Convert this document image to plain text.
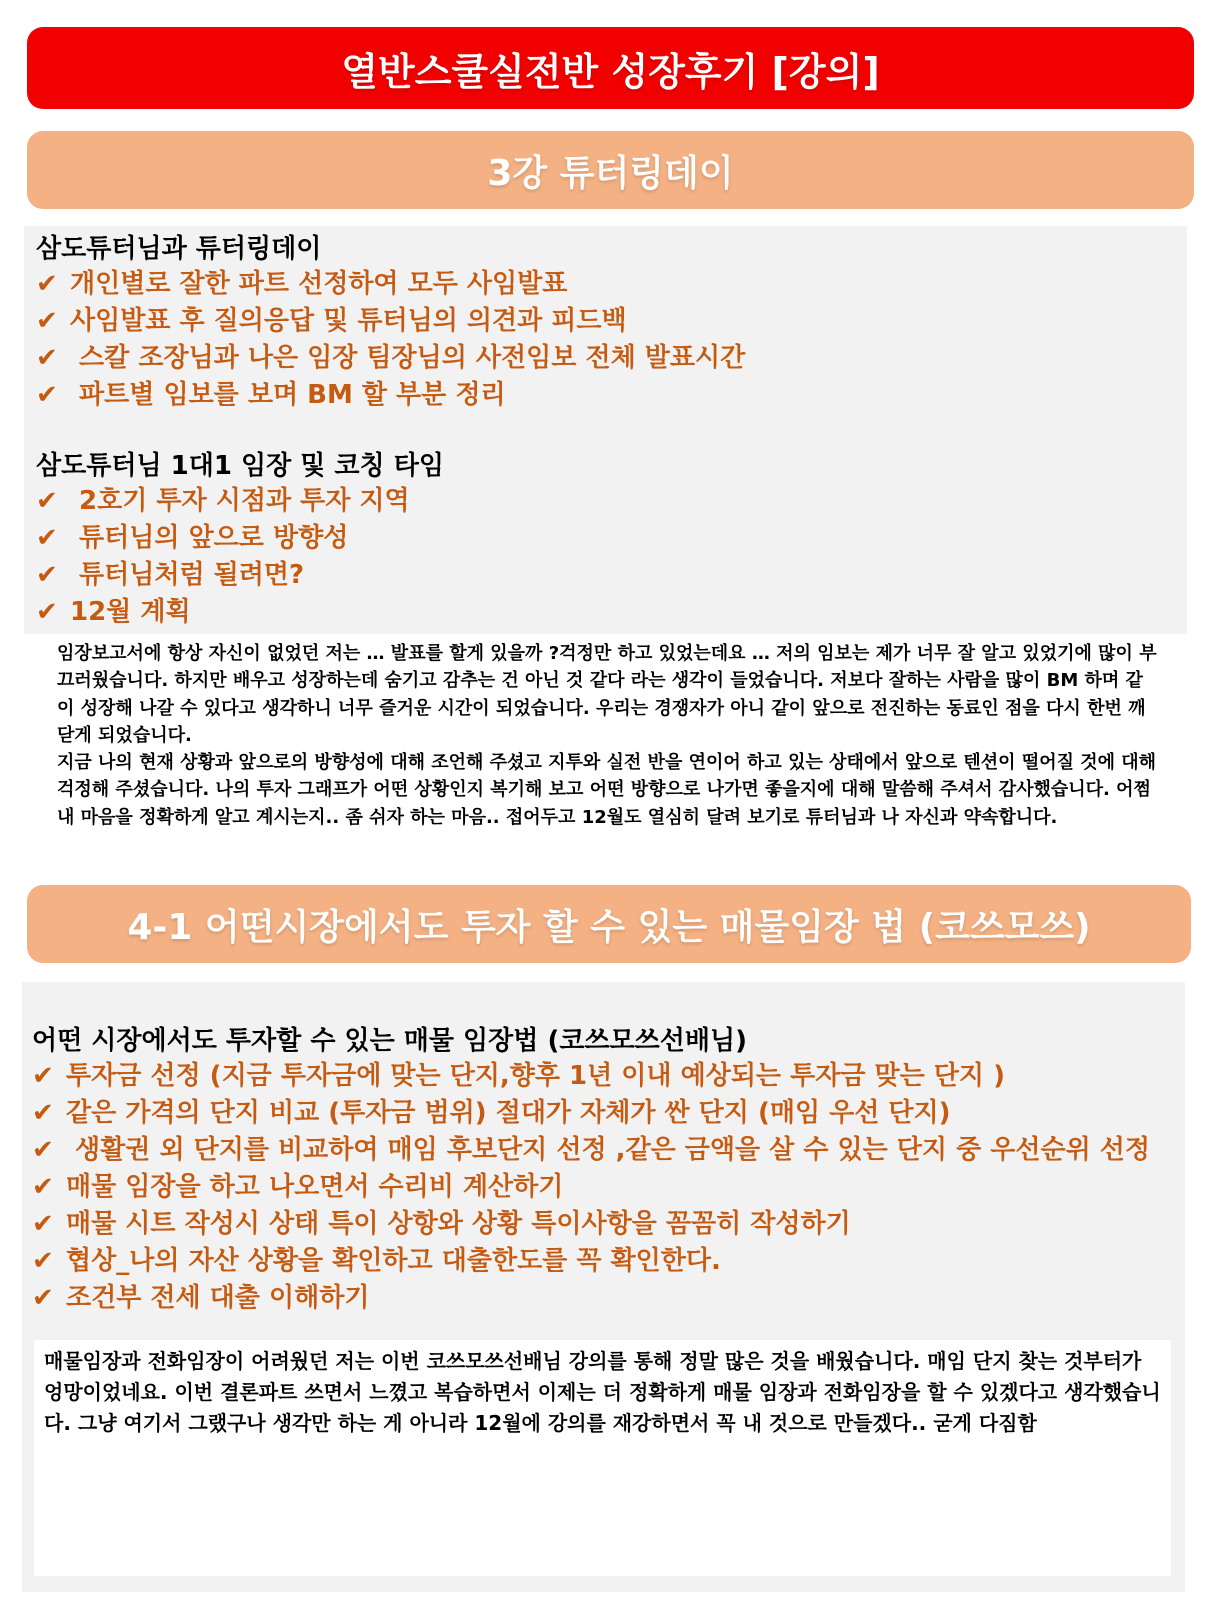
열반스쿨실전반 성장후기 [강의]
3강 튜터링데이

삼도튜터님과 튜터링데이

✔ 개인별로 잘한 파트 선정하여 모두 사임발표
✔ 사임발표 후 질의응답 및 튜터님의 의견과 피드백
✔ 스칼 조장님과 나은 임장 팀장님의 사전임보 전체 발표시간
✔ 파트별 임보를 보며 BM 할 부분 정리

삼도튜터님 1대1 임장 및 코칭 타임

✔ 2호기 투자 시점과 투자 지역
✔ 튜터님의 앞으로 방향성
✔ 튜터님처럼 될려면?
✔ 12월 계획

임장보고서에 항상 자신이 없었던 저는 … 발표를 할게 있을까 ?걱정만 하고 있었는데요 … 저의 임보는 제가 너무 잘 알고 있었기에 많이 부끄러웠습니다. 하지만 배우고 성장하는데 숨기고 감추는 건 아닌 것 같다 라는 생각이 들었습니다. 저보다 잘하는 사람을 많이 BM 하며 같이 성장해 나갈 수 있다고 생각하니 너무 즐거운 시간이 되었습니다. 우리는 경쟁자가 아니 같이 앞으로 전진하는 동료인 점을 다시 한번 깨닫게 되었습니다.

지금 나의 현재 상황과 앞으로의 방향성에 대해 조언해 주셨고 지투와 실전 반을 연이어 하고 있는 상태에서 앞으로 텐션이 떨어질 것에 대해 걱정해 주셨습니다. 나의 투자 그래프가 어떤 상황인지 복기해 보고 어떤 방향으로 나가면 좋을지에 대해 말씀해 주셔서 감사했습니다. 어쩜 내 마음을 정확하게 알고 계시는지.. 좀 쉬자 하는 마음.. 접어두고 12월도 열심히 달려 보기로 튜터님과 나 자신과 약속합니다.

4-1 어떤시장에서도 투자 할 수 있는 매물임장 법 (코쓰모쓰)

어떤 시장에서도 투자할 수 있는 매물 임장법 (코쓰모쓰선배님)

✔ 투자금 선정 (지금 투자금에 맞는 단지,향후 1년 이내 예상되는 투자금 맞는 단지 )
✔ 같은 가격의 단지 비교 (투자금 범위) 절대가 자체가 싼 단지 (매임 우선 단지)
✔ 생활권 외 단지를 비교하여 매임 후보단지 선정 ,같은 금액을 살 수 있는 단지 중 우선순위 선정
✔ 매물 임장을 하고 나오면서 수리비 계산하기
✔ 매물 시트 작성시 상태 특이 상항와 상황 특이사항을 꼼꼼히 작성하기
✔ 협상_나의 자산 상황을 확인하고 대출한도를 꼭 확인한다.
✔ 조건부 전세 대출 이해하기

매물임장과 전화임장이 어려웠던 저는 이번 코쓰모쓰선배님 강의를 통해 정말 많은 것을 배웠습니다. 매임 단지 찾는 것부터가 엉망이었네요. 이번 결론파트 쓰면서 느꼈고 복습하면서 이제는 더 정확하게 매물 임장과 전화임장을 할 수 있겠다고 생각했습니다. 그냥 여기서 그랬구나 생각만 하는 게 아니라 12월에 강의를 재강하면서 꼭 내 것으로 만들겠다.. 굳게 다짐함
